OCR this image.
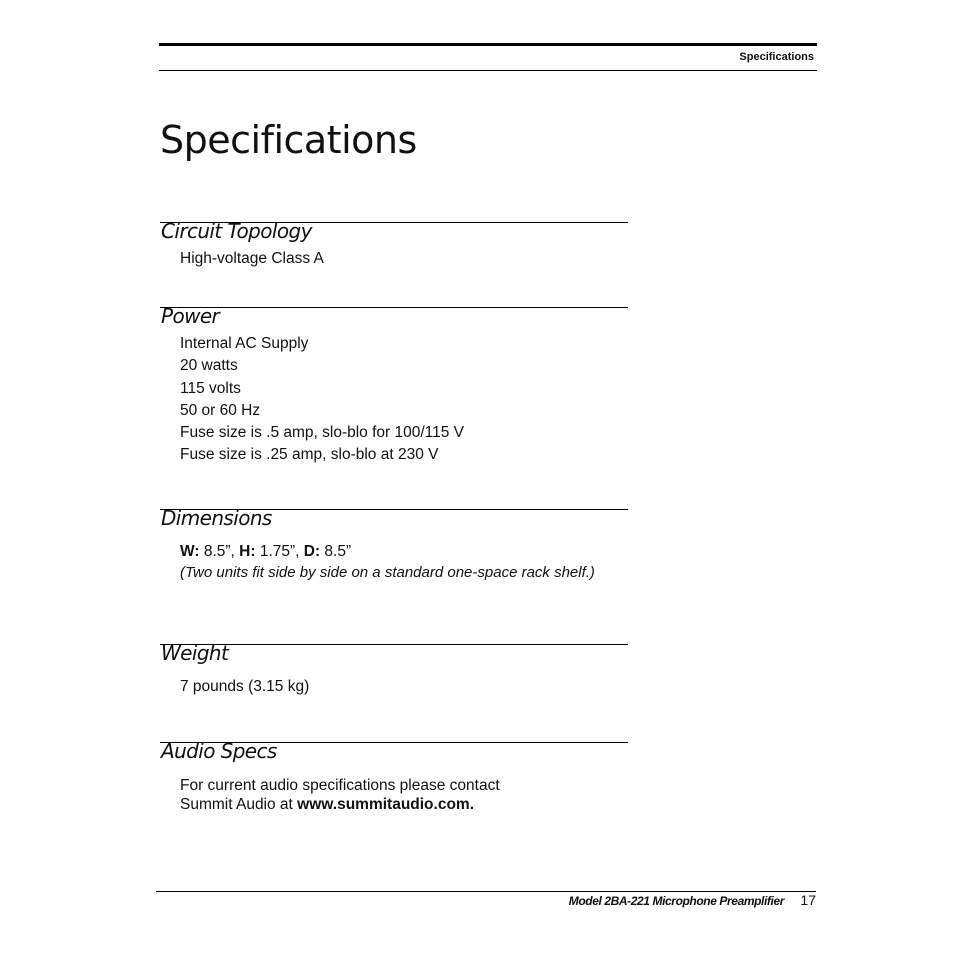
Specifications
Specifications
Circuit Topology
High-voltage Class A
Power
Internal AC Supply
20 watts
115 volts
50 or 60 Hz
Fuse size is .5 amp, slo-blo for 100/115 V
Fuse size is .25 amp, slo-blo at 230 V
Dimensions
W: 8.5”, H: 1.75”, D: 8.5”
(Two units fit side by side on a standard one-space rack shelf.)
Weight
7 pounds (3.15 kg)
Audio Specs
For current audio specifications please contact
Summit Audio at www.summitaudio.com.
Model 2BA-221 Microphone Preamplifier	17
